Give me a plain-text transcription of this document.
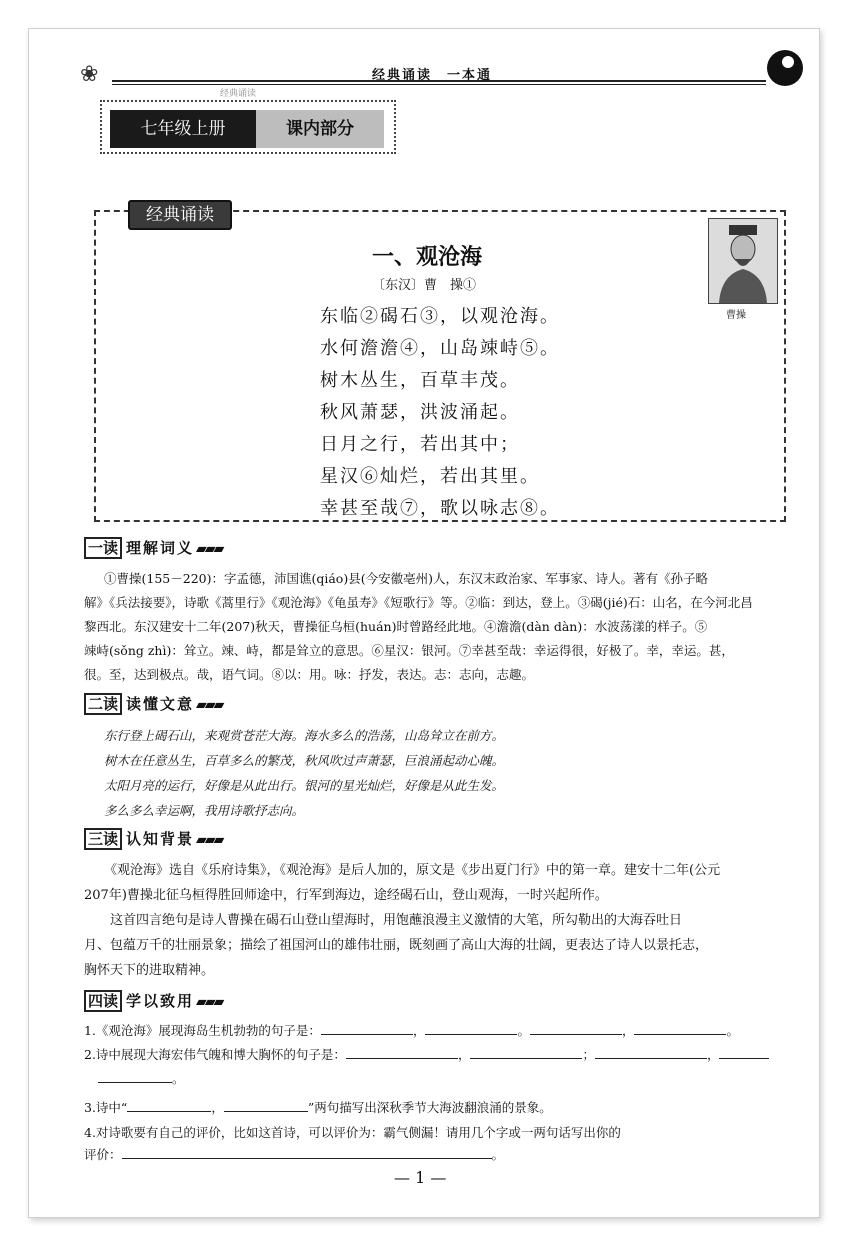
❀	经典诵读　一本通
经典诵读
七年级上册	课内部分
经典诵读
一、观沧海
〔东汉〕曹　操①
东临②碣石③，以观沧海。
水何澹澹④，山岛竦峙⑤。
树木丛生，百草丰茂。
秋风萧瑟，洪波涌起。
日月之行，若出其中；
星汉⑥灿烂，若出其里。
幸甚至哉⑦，歌以咏志⑧。
曹操
一读 理解词义 ▰▰▰
①曹操(155－220)：字孟德，沛国谯(qiáo)县(今安徽亳州)人，东汉末政治家、军事家、诗人。著有《孙子略
解》《兵法接要》，诗歌《蒿里行》《观沧海》《龟虽寿》《短歌行》等。②临：到达，登上。③碣(jié)石：山名，在今河北昌
黎西北。东汉建安十二年(207)秋天，曹操征乌桓(huán)时曾路经此地。④澹澹(dàn dàn)：水波荡漾的样子。⑤
竦峙(sǒng zhì)：耸立。竦、峙，都是耸立的意思。⑥星汉：银河。⑦幸甚至哉：幸运得很，好极了。幸，幸运。甚，
很。至，达到极点。哉，语气词。⑧以：用。咏：抒发，表达。志：志向，志趣。
二读 读懂文意 ▰▰▰
东行登上碣石山，来观赏苍茫大海。海水多么的浩荡，山岛耸立在前方。
树木在任意丛生，百草多么的繁茂，秋风吹过声萧瑟，巨浪涌起动心魄。
太阳月亮的运行，好像是从此出行。银河的星光灿烂，好像是从此生发。
多么多么幸运啊，我用诗歌抒志向。
三读 认知背景 ▰▰▰
《观沧海》选自《乐府诗集》，《观沧海》是后人加的，原文是《步出夏门行》中的第一章。建安十二年(公元
207年)曹操北征乌桓得胜回师途中，行军到海边，途经碣石山，登山观海，一时兴起所作。
　　这首四言绝句是诗人曹操在碣石山登山望海时，用饱蘸浪漫主义激情的大笔，所勾勒出的大海吞吐日
月、包蕴万千的壮丽景象；描绘了祖国河山的雄伟壮丽，既刻画了高山大海的壮阔，更表达了诗人以景托志，
胸怀天下的进取精神。
四读 学以致用 ▰▰▰
1.《观沧海》展现海岛生机勃勃的句子是：	，	。	，	。
2.诗中展现大海宏伟气魄和博大胸怀的句子是：	，	；	，
。
3.诗中“	，	”两句描写出深秋季节大海波翻浪涌的景象。
4.对诗歌要有自己的评价，比如这首诗，可以评价为：霸气侧漏！请用几个字或一两句话写出你的
评价：	。
— 1 —
